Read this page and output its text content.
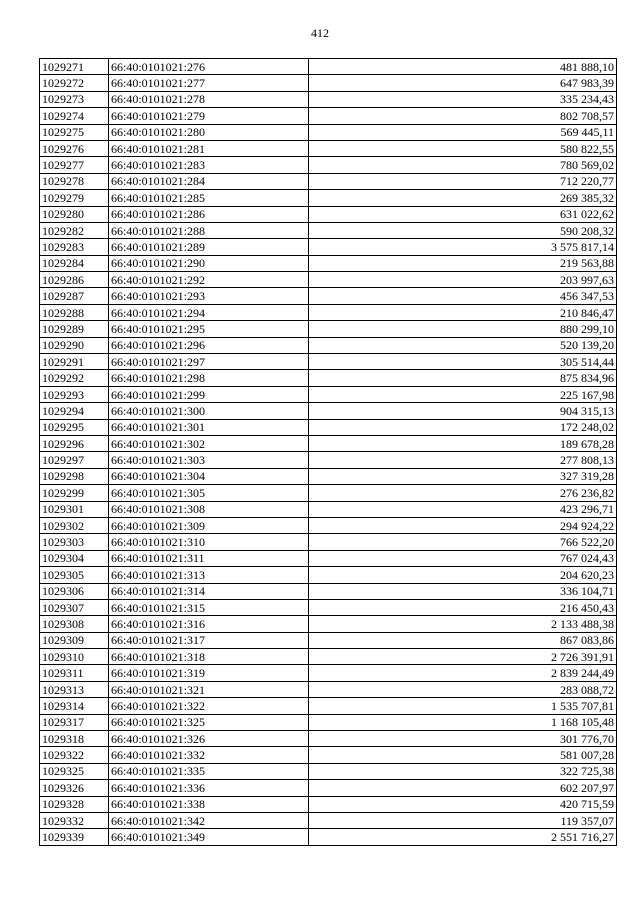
412
1029271	66:40:0101021:276	481 888,10
1029272	66:40:0101021:277	647 983,39
1029273	66:40:0101021:278	335 234,43
1029274	66:40:0101021:279	802 708,57
1029275	66:40:0101021:280	569 445,11
1029276	66:40:0101021:281	580 822,55
1029277	66:40:0101021:283	780 569,02
1029278	66:40:0101021:284	712 220,77
1029279	66:40:0101021:285	269 385,32
1029280	66:40:0101021:286	631 022,62
1029282	66:40:0101021:288	590 208,32
1029283	66:40:0101021:289	3 575 817,14
1029284	66:40:0101021:290	219 563,88
1029286	66:40:0101021:292	203 997,63
1029287	66:40:0101021:293	456 347,53
1029288	66:40:0101021:294	210 846,47
1029289	66:40:0101021:295	880 299,10
1029290	66:40:0101021:296	520 139,20
1029291	66:40:0101021:297	305 514,44
1029292	66:40:0101021:298	875 834,96
1029293	66:40:0101021:299	225 167,98
1029294	66:40:0101021:300	904 315,13
1029295	66:40:0101021:301	172 248,02
1029296	66:40:0101021:302	189 678,28
1029297	66:40:0101021:303	277 808,13
1029298	66:40:0101021:304	327 319,28
1029299	66:40:0101021:305	276 236,82
1029301	66:40:0101021:308	423 296,71
1029302	66:40:0101021:309	294 924,22
1029303	66:40:0101021:310	766 522,20
1029304	66:40:0101021:311	767 024,43
1029305	66:40:0101021:313	204 620,23
1029306	66:40:0101021:314	336 104,71
1029307	66:40:0101021:315	216 450,43
1029308	66:40:0101021:316	2 133 488,38
1029309	66:40:0101021:317	867 083,86
1029310	66:40:0101021:318	2 726 391,91
1029311	66:40:0101021:319	2 839 244,49
1029313	66:40:0101021:321	283 088,72
1029314	66:40:0101021:322	1 535 707,81
1029317	66:40:0101021:325	1 168 105,48
1029318	66:40:0101021:326	301 776,70
1029322	66:40:0101021:332	581 007,28
1029325	66:40:0101021:335	322 725,38
1029326	66:40:0101021:336	602 207,97
1029328	66:40:0101021:338	420 715,59
1029332	66:40:0101021:342	119 357,07
1029339	66:40:0101021:349	2 551 716,27
